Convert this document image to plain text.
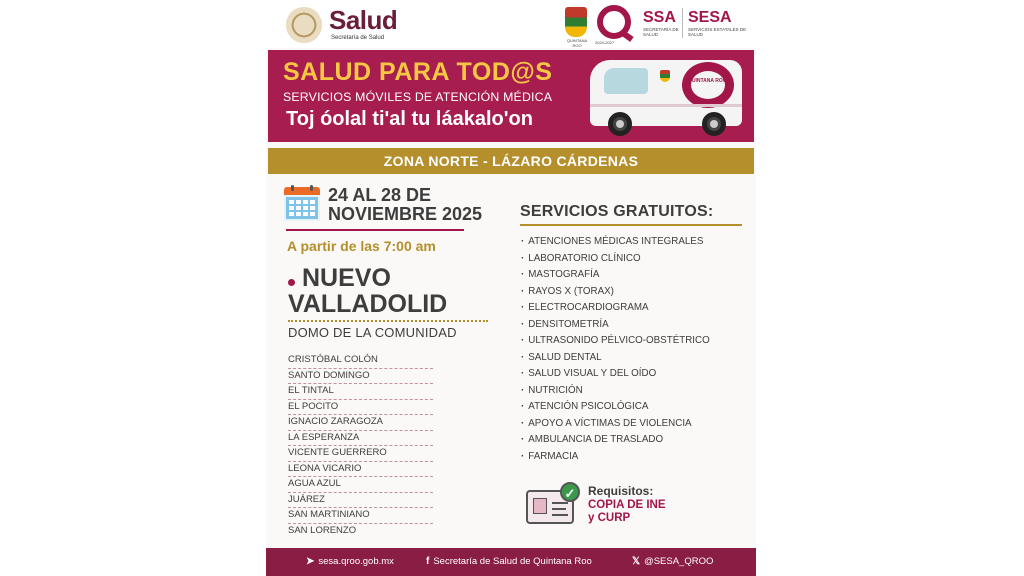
Salud
Secretaría de Salud	QUINTANA ROO
2024-2027
SSA
SECRETARÍA DE SALUD
SESA
SERVICIOS ESTATALES DE SALUD
SALUD PARA TOD@S
SERVICIOS MÓVILES DE ATENCIÓN MÉDICA
Toj óolal ti'al tu láakalo'on
QUINTANA ROO
ZONA NORTE - LÁZARO CÁRDENAS
24 AL 28 DE
NOVIEMBRE 2025
A partir de las 7:00 am
NUEVO
VALLADOLID
DOMO DE LA COMUNIDAD
CRISTÓBAL COLÓN
SANTO DOMINGO
EL TINTAL
EL POCITO
IGNACIO ZARAGOZA
LA ESPERANZA
VICENTE GUERRERO
LEONA VICARIO
AGUA AZUL
JUÁREZ
SAN MARTINIANO
SAN LORENZO
SERVICIOS GRATUITOS:
· ATENCIONES MÉDICAS INTEGRALES
· LABORATORIO CLÍNICO
· MASTOGRAFÍA
· RAYOS X (TORAX)
· ELECTROCARDIOGRAMA
· DENSITOMETRÍA
· ULTRASONIDO PÉLVICO-OBSTÉTRICO
· SALUD DENTAL
· SALUD VISUAL Y DEL OÍDO
· NUTRICIÓN
· ATENCIÓN PSICOLÓGICA
· APOYO A VÍCTIMAS DE VIOLENCIA
· AMBULANCIA DE TRASLADO
· FARMACIA
✓	Requisitos:
COPIA DE INE
y CURP
➤ sesa.qroo.gob.mx	f Secretaría de Salud de Quintana Roo	𝕏 @SESA_QROO
